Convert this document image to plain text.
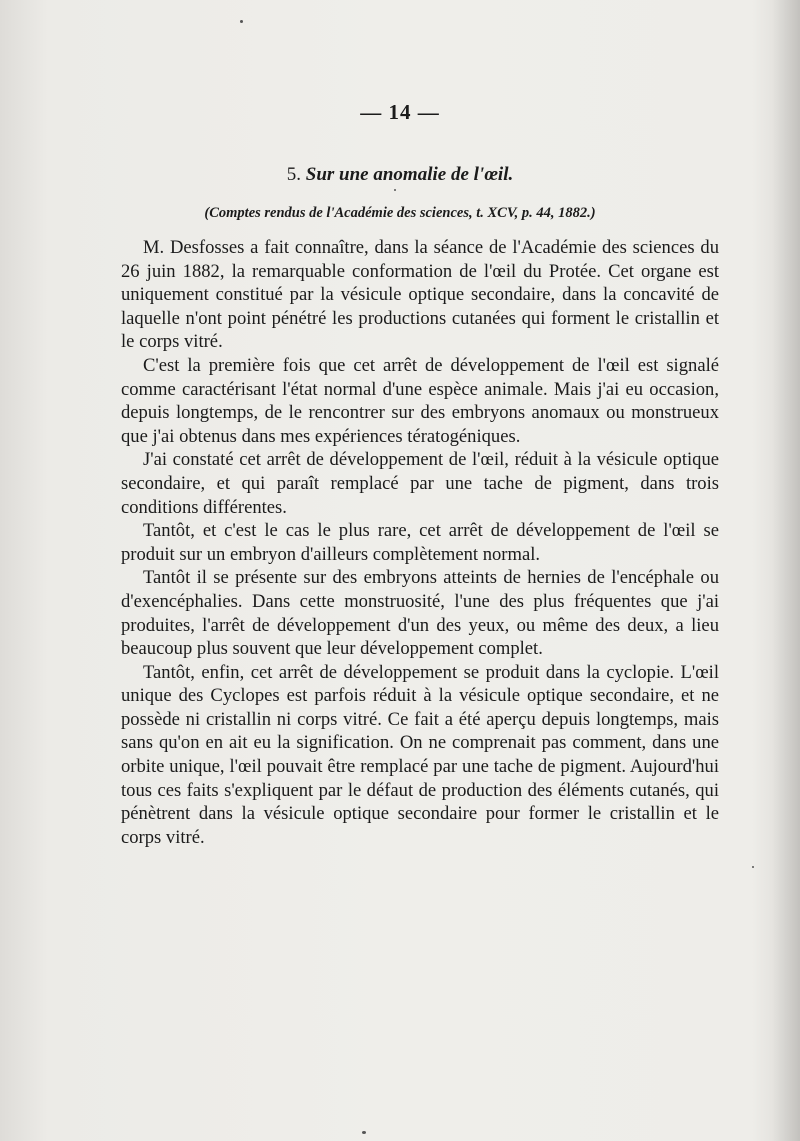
— 14 —
5. Sur une anomalie de l'œil.
(Comptes rendus de l'Académie des sciences, t. XCV, p. 44, 1882.)

M. Desfosses a fait connaître, dans la séance de l'Académie des sciences du 26 juin 1882, la remarquable conformation de l'œil du Protée. Cet organe est uniquement constitué par la vésicule optique secondaire, dans la concavité de laquelle n'ont point pénétré les productions cutanées qui forment le cristallin et le corps vitré.

C'est la première fois que cet arrêt de développement de l'œil est signalé comme caractérisant l'état normal d'une espèce animale. Mais j'ai eu occasion, depuis longtemps, de le rencontrer sur des embryons anomaux ou monstrueux que j'ai obtenus dans mes expériences tératogéniques.

J'ai constaté cet arrêt de développement de l'œil, réduit à la vésicule optique secondaire, et qui paraît remplacé par une tache de pigment, dans trois conditions différentes.

Tantôt, et c'est le cas le plus rare, cet arrêt de développement de l'œil se produit sur un embryon d'ailleurs complètement normal.

Tantôt il se présente sur des embryons atteints de hernies de l'encéphale ou d'exencéphalies. Dans cette monstruosité, l'une des plus fréquentes que j'ai produites, l'arrêt de développement d'un des yeux, ou même des deux, a lieu beaucoup plus souvent que leur développement complet.

Tantôt, enfin, cet arrêt de développement se produit dans la cyclopie. L'œil unique des Cyclopes est parfois réduit à la vésicule optique secondaire, et ne possède ni cristallin ni corps vitré. Ce fait a été aperçu depuis longtemps, mais sans qu'on en ait eu la signification. On ne comprenait pas comment, dans une orbite unique, l'œil pouvait être remplacé par une tache de pigment. Aujourd'hui tous ces faits s'expliquent par le défaut de production des éléments cutanés, qui pénètrent dans la vésicule optique secondaire pour former le cristallin et le corps vitré.
